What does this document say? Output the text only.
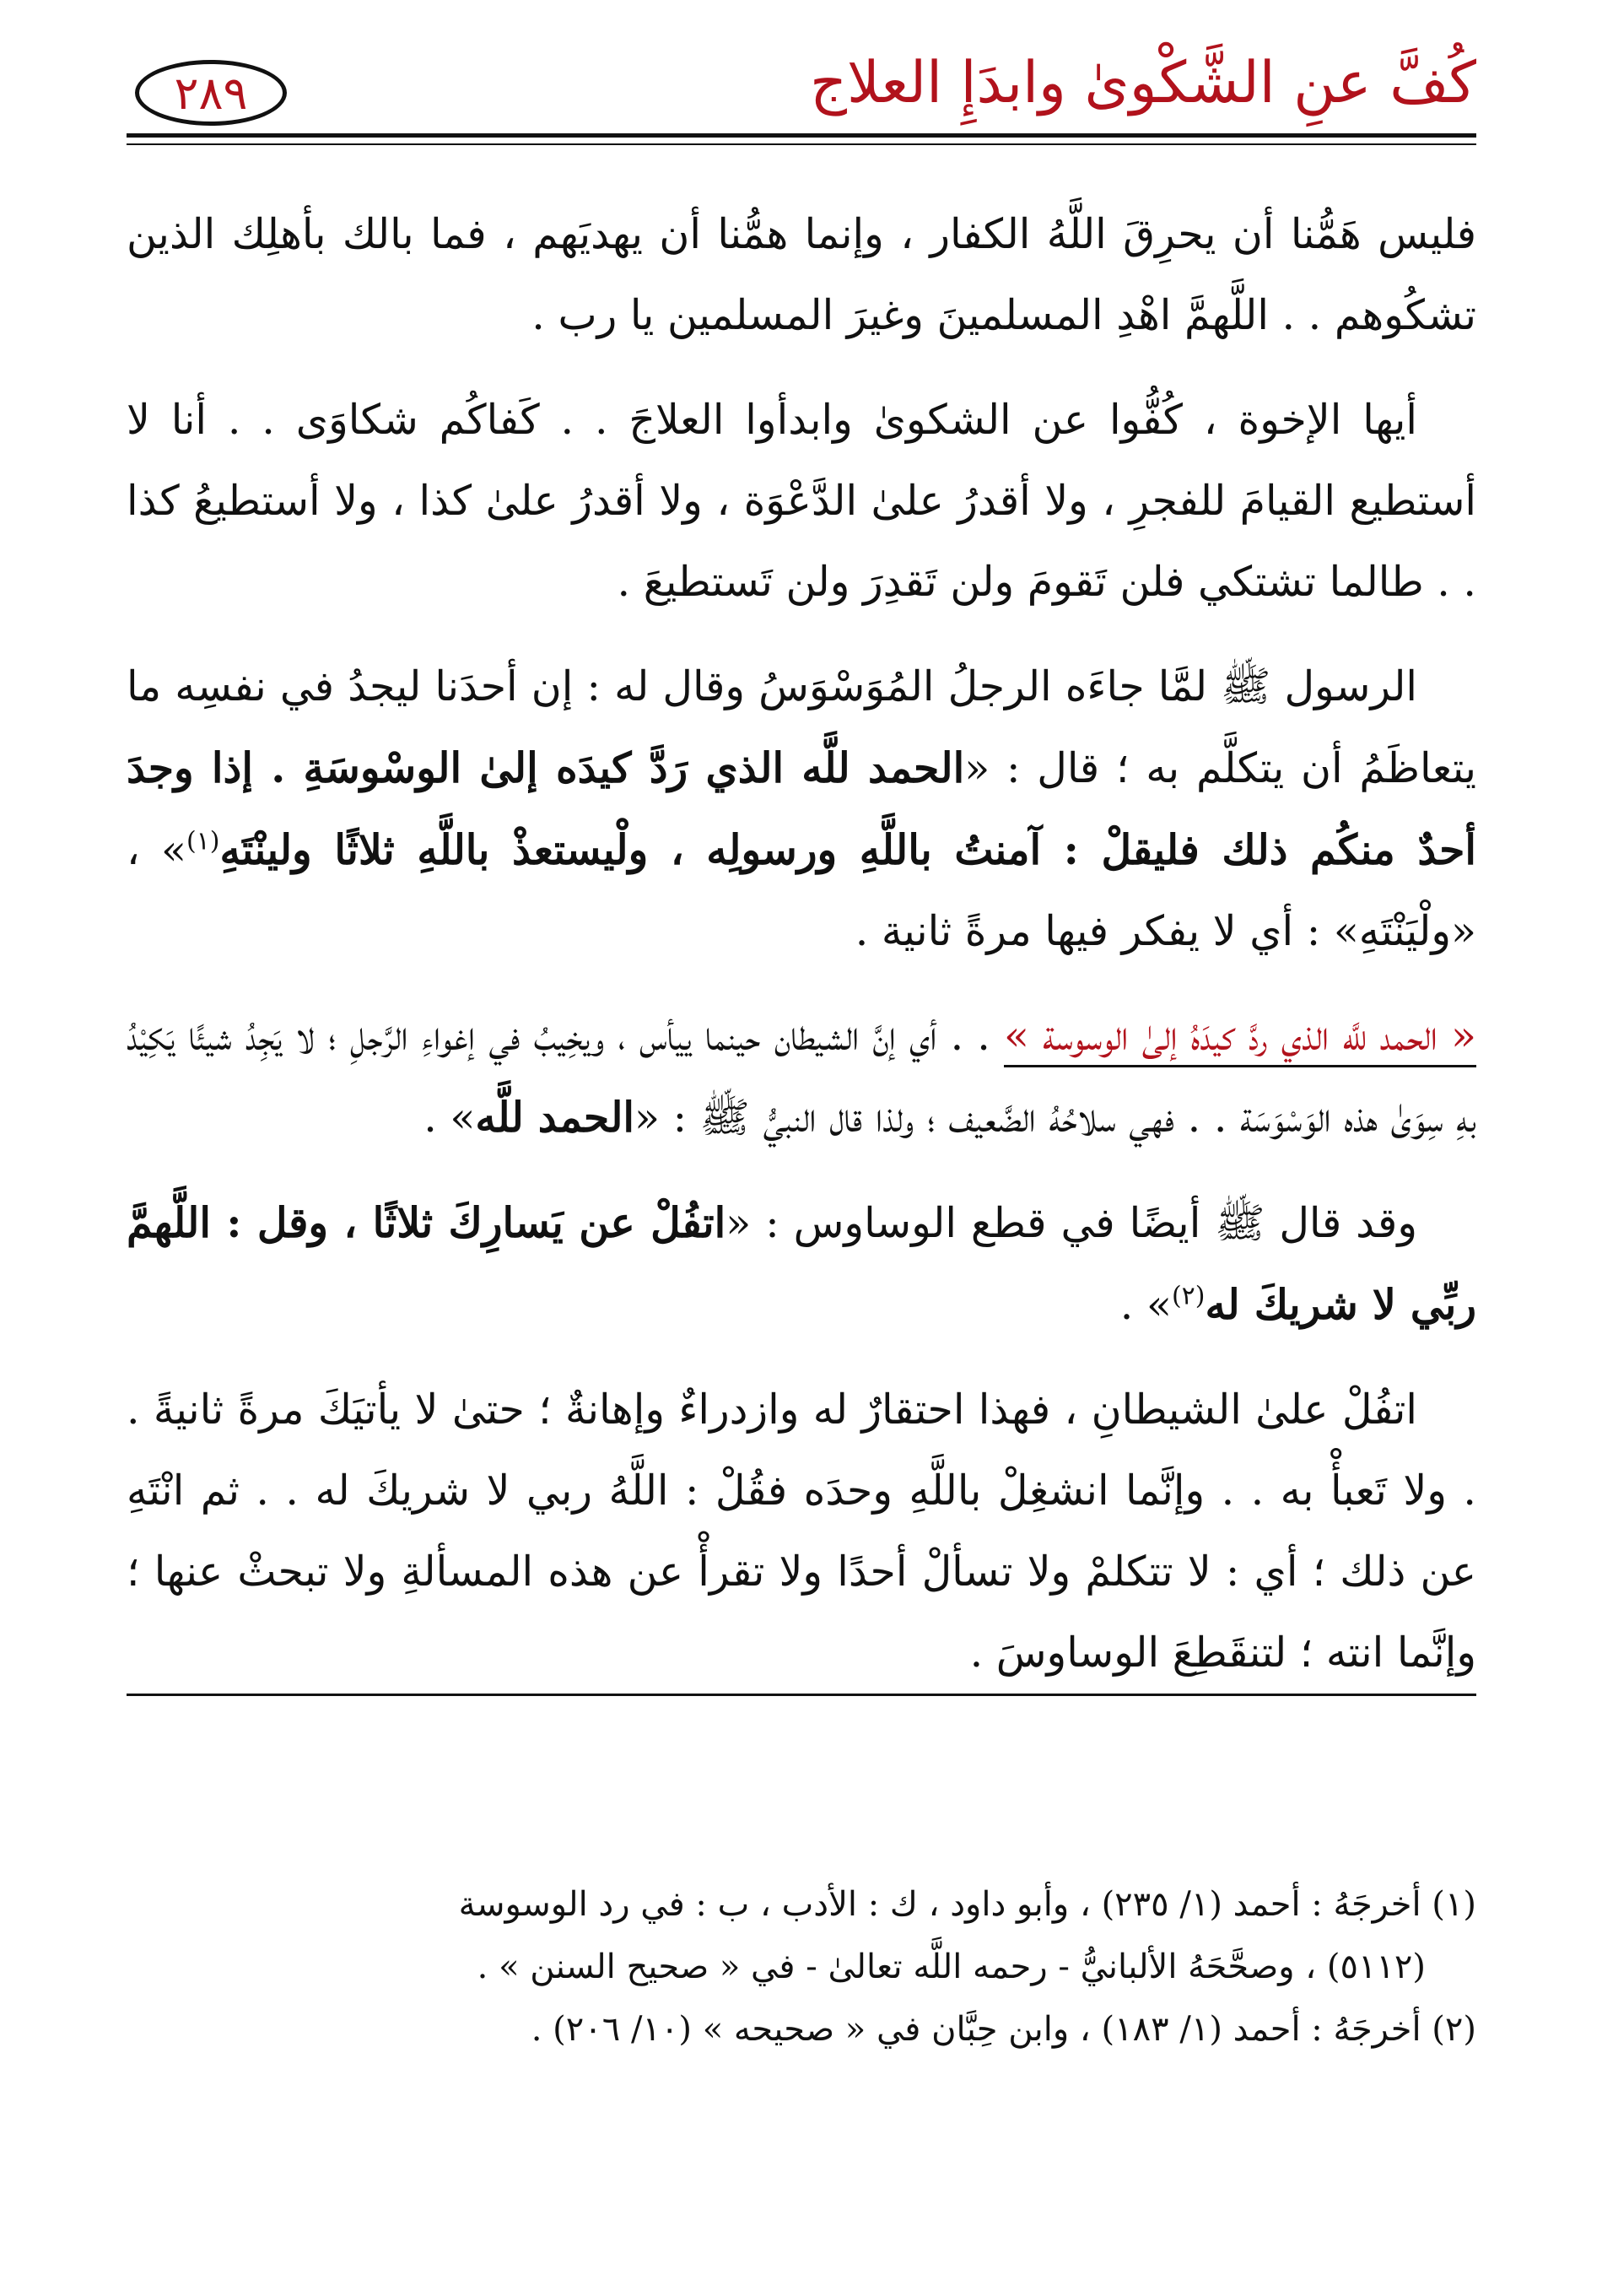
كُفَّ عنِ الشَّكْوىٰ وابدَإِ العلاج
٢٨٩

فليس هَمُّنا أن يحرِقَ اللَّهُ الكفار ، وإنما همُّنا أن يهديَهم ، فما بالك بأهلِك الذين تشكُوهم . . اللَّهمَّ اهْدِ المسلمينَ وغيرَ المسلمين يا رب .

أيها الإخوة ، كُفُّوا عن الشكوىٰ وابدأوا العلاجَ . . كَفاكُم شكاوَى . . أنا لا أستطيع القيامَ للفجرِ ، ولا أقدرُ علىٰ الدَّعْوَة ، ولا أقدرُ علىٰ كذا ، ولا أستطيعُ كذا . . طالما تشتكي فلن تَقومَ ولن تَقدِرَ ولن تَستطيعَ .

الرسول ﷺ لمَّا جاءَه الرجلُ المُوَسْوَسُ وقال له : إن أحدَنا ليجدُ في نفسِه ما يتعاظَمُ أن يتكلَّم به ؛ قال : «الحمد للَّه الذي رَدَّ كيدَه إلىٰ الوسْوسَةِ . إذا وجدَ أحدٌ منكُم ذلك فليقلْ : آمنتُ باللَّهِ ورسولِه ، ولْيستعذْ باللَّهِ ثلاثًا ولينْتَهِ$^{(١)}$» ، «ولْيَنْتَهِ» : أي لا يفكر فيها مرةً ثانية .

« الحمد للَّه الذي ردَّ كيدَهُ إلىٰ الوسوسة » . . أي إنَّ الشيطان حينما ييأس ، ويخِيبُ في إغواءِ الرَّجلِ ؛ لا يَجِدُ شيئًا يَكِيْدُ بهِ سِوَىٰ هذه الوَسْوَسَة . . فهي سلاحُهُ الضَّعيف ؛ ولذا قال النبيُّ ﷺ : «الحمد للَّه» .

وقد قال ﷺ أيضًا في قطع الوساوس : «اتفُلْ عن يَسارِكَ ثلاثًا ، وقل : اللَّهمَّ ربِّي لا شريكَ له$^{(٢)}$» .

اتفُلْ علىٰ الشيطانِ ، فهذا احتقارٌ له وازدراءٌ وإهانةٌ ؛ حتىٰ لا يأتيَكَ مرةً ثانيةً . . ولا تَعبأْ به . . وإنَّما انشغِلْ باللَّهِ وحدَه فقُلْ : اللَّهُ ربي لا شريكَ له . . ثم انْتَهِ عن ذلك ؛ أي : لا تتكلمْ ولا تسألْ أحدًا ولا تقرأْ عن هذه المسألةِ ولا تبحثْ عنها ؛ وإنَّما انته ؛ لتنقَطِعَ الوساوسَ .

(١) أخرجَهُ : أحمد (١/ ٢٣٥) ، وأبو داود ، ك : الأدب ، ب : في رد الوسوسة
(٥١١٢) ، وصحَّحَهُ الألبانيُّ - رحمه اللَّه تعالىٰ - في « صحيح السنن » .
(٢) أخرجَهُ : أحمد (١/ ١٨٣) ، وابن حِبَّان في « صحيحه » (١٠/ ٢٠٦) .
